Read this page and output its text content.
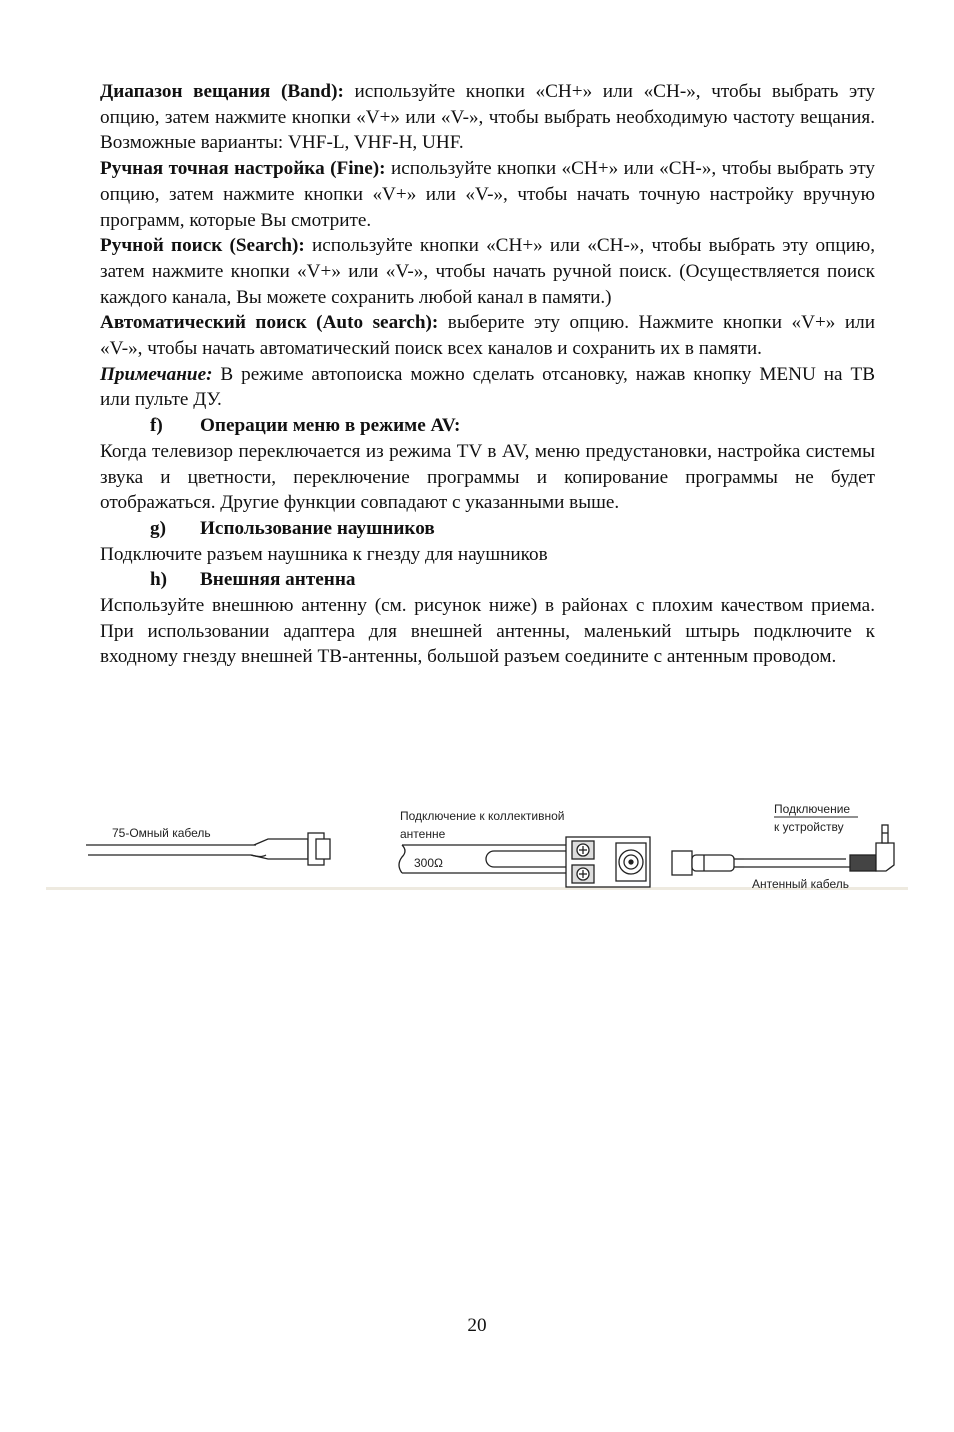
Диапазон вещания (Band): используйте кнопки «CH+» или «CH-», чтобы выбрать эту опцию, затем нажмите кнопки «V+» или «V-», чтобы выбрать необходимую частоту вещания. Возможные варианты: VHF-L, VHF-H, UHF.

Ручная точная настройка (Fine): используйте кнопки «CH+» или «CH-», чтобы выбрать эту опцию, затем нажмите кнопки «V+» или «V-», чтобы начать точную настройку вручную программ, которые Вы смотрите.

Ручной поиск (Search): используйте кнопки «CH+» или «CH-», чтобы выбрать эту опцию, затем нажмите кнопки «V+» или «V-», чтобы начать ручной поиск. (Осуществляется поиск каждого канала, Вы можете сохранить любой канал в памяти.)

Автоматический поиск (Auto search): выберите эту опцию. Нажмите кнопки «V+» или «V-», чтобы начать автоматический поиск всех каналов и сохранить их в памяти.

Примечание: В режиме автопоиска можно сделать отсановку, нажав кнопку MENU на ТВ или пульте ДУ.

f) Операции меню в режиме AV:

Когда телевизор переключается из режима TV в AV, меню предустановки, настройка системы звука и цветности, переключение программы и копирование программы не будет отображаться. Другие функции совпадают с указанными выше.

g) Использование наушников

Подключите разъем наушника к гнезду для наушников

h) Внешняя антенна

Используйте внешнюю антенну (см. рисунок ниже) в районах с плохим качеством приема. При использовании адаптера для внешней антенны, маленький штырь подключите к входному гнезду внешней ТВ-антенны, большой разъем соедините с антенным проводом.

75-Омный кабель
Подключение к коллективной
антенне
300Ω
Подключение
к устройству
Антенный кабель
20
